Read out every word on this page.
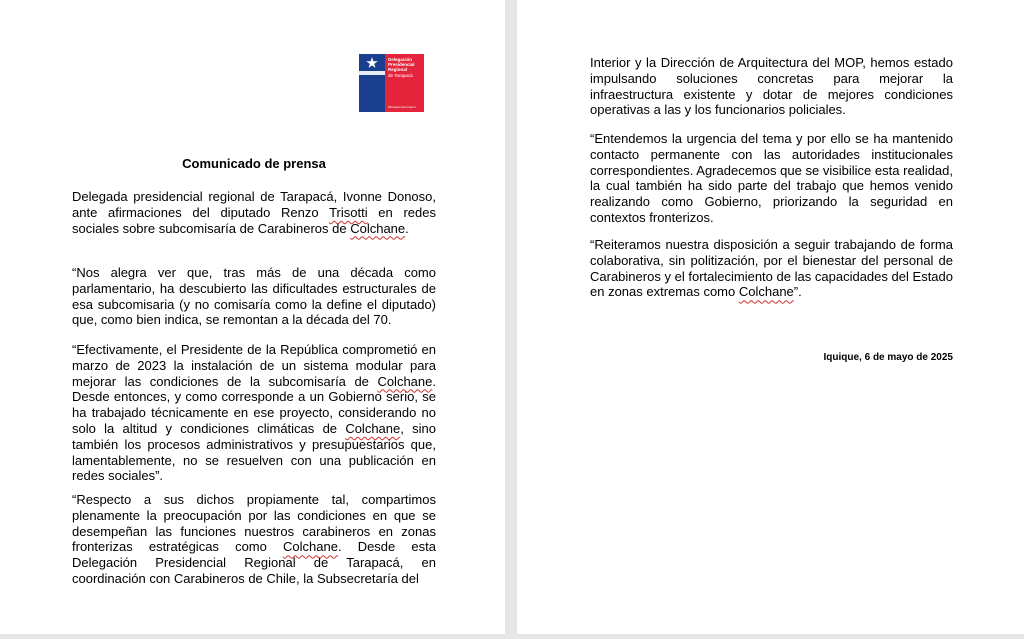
Delegación
Presidencial
Regional
de Tarapacá
Ministerio del Interior
Comunicado de prensa

Delegada presidencial regional de Tarapacá, Ivonne Donoso, ante afirmaciones del diputado Renzo Trisotti en redes sociales sobre subcomisaría de Carabineros de Colchane.

“Nos alegra ver que, tras más de una década como parlamentario, ha descubierto las dificultades estructurales de esa subcomisaria (y no comisaría como la define el diputado) que, como bien indica, se remontan a la década del 70.

“Efectivamente, el Presidente de la República comprometió en marzo de 2023 la instalación de un sistema modular para mejorar las condiciones de la subcomisaría de Colchane. Desde entonces, y como corresponde a un Gobierno serio, se ha trabajado técnicamente en ese proyecto, considerando no solo la altitud y condiciones climáticas de Colchane, sino también los procesos administrativos y presupuestarios que, lamentablemente, no se resuelven con una publicación en redes sociales”.

“Respecto a sus dichos propiamente tal, compartimos plenamente la preocupación por las condiciones en que se desempeñan las funciones nuestros carabineros en zonas fronterizas estratégicas como Colchane. Desde esta Delegación Presidencial Regional de Tarapacá, en coordinación con Carabineros de Chile, la Subsecretaría del

Interior y la Dirección de Arquitectura del MOP, hemos estado impulsando soluciones concretas para mejorar la infraestructura existente y dotar de mejores condiciones operativas a las y los funcionarios policiales.

“Entendemos la urgencia del tema y por ello se ha mantenido contacto permanente con las autoridades institucionales correspondientes. Agradecemos que se visibilice esta realidad, la cual también ha sido parte del trabajo que hemos venido realizando como Gobierno, priorizando la seguridad en contextos fronterizos.

“Reiteramos nuestra disposición a seguir trabajando de forma colaborativa, sin politización, por el bienestar del personal de Carabineros y el fortalecimiento de las capacidades del Estado en zonas extremas como Colchane”.

Iquique, 6 de mayo de 2025
